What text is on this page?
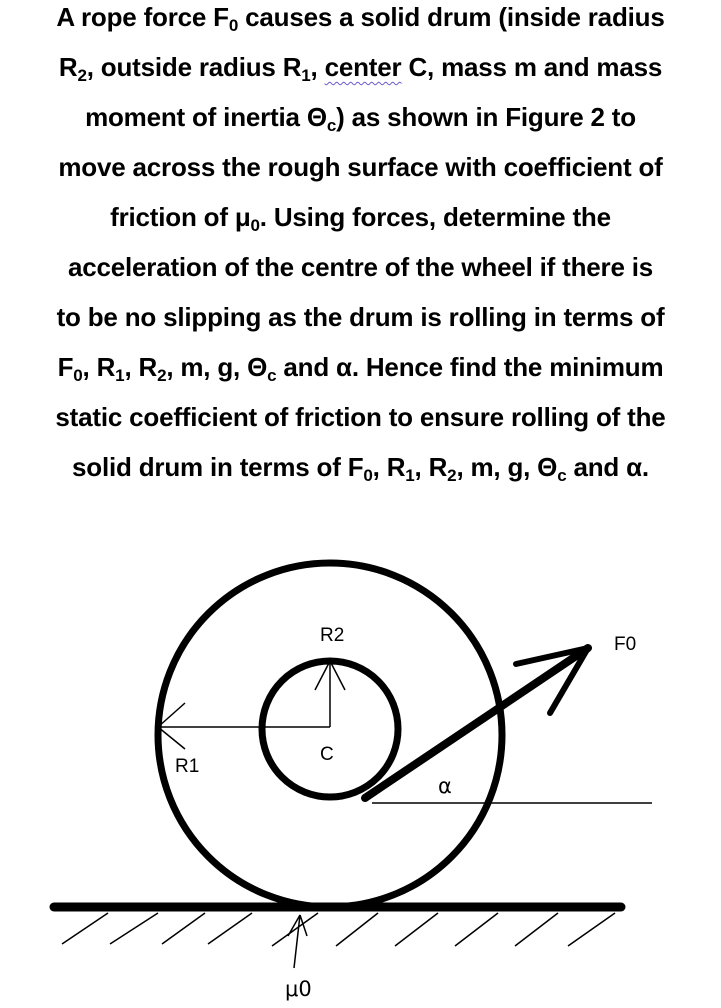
A rope force $F_0$ causes a solid drum (inside radius
$R_2$, outside radius $R_1$, center C, mass m and mass
moment of inertia $\Theta_c$) as shown in Figure 2 to
move across the rough surface with coefficient of
friction of $\mu_0$. Using forces, determine the
acceleration of the centre of the wheel if there is
to be no slipping as the drum is rolling in terms of
$F_0$, $R_1$, $R_2$, m, g, $\Theta_c$ and α. Hence find the minimum
static coefficient of friction to ensure rolling of the
solid drum in terms of $F_0$, $R_1$, $R_2$, m, g, $\Theta_c$ and α.
R2	F0
R1
C
α
μ0
